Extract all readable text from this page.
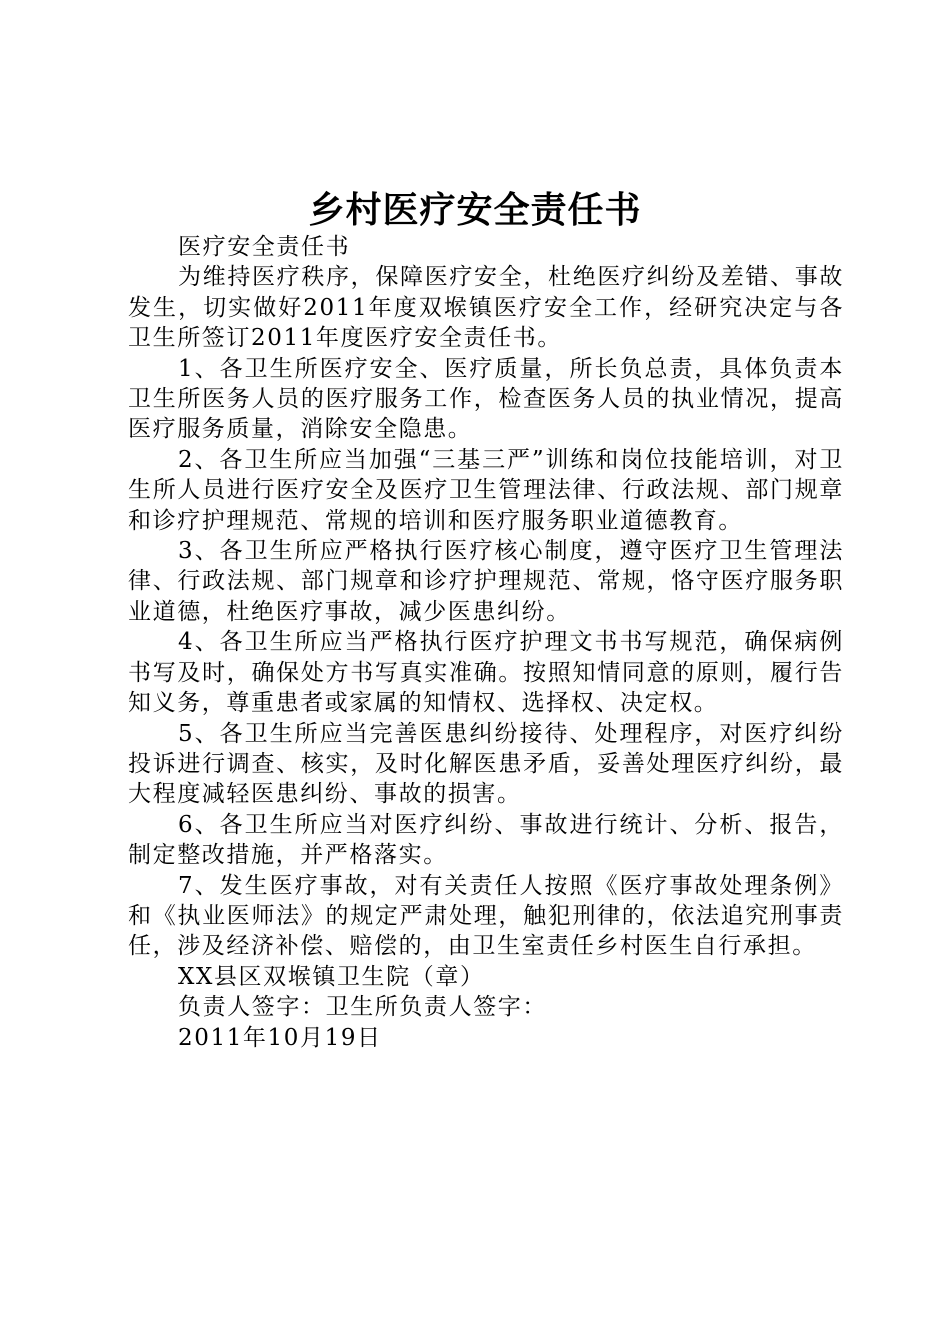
乡村医疗安全责任书

医疗安全责任书

为维持医疗秩序，保障医疗安全，杜绝医疗纠纷及差错、事故发生，切实做好2011年度双堠镇医疗安全工作，经研究决定与各卫生所签订2011年度医疗安全责任书。

1、各卫生所医疗安全、医疗质量，所长负总责，具体负责本卫生所医务人员的医疗服务工作，检查医务人员的执业情况，提高医疗服务质量，消除安全隐患。

2、各卫生所应当加强“三基三严”训练和岗位技能培训，对卫生所人员进行医疗安全及医疗卫生管理法律、行政法规、部门规章和诊疗护理规范、常规的培训和医疗服务职业道德教育。

3、各卫生所应严格执行医疗核心制度，遵守医疗卫生管理法律、行政法规、部门规章和诊疗护理规范、常规，恪守医疗服务职业道德，杜绝医疗事故，减少医患纠纷。

4、各卫生所应当严格执行医疗护理文书书写规范，确保病例书写及时，确保处方书写真实准确。按照知情同意的原则，履行告知义务，尊重患者或家属的知情权、选择权、决定权。

5、各卫生所应当完善医患纠纷接待、处理程序，对医疗纠纷投诉进行调查、核实，及时化解医患矛盾，妥善处理医疗纠纷，最大程度减轻医患纠纷、事故的损害。

6、各卫生所应当对医疗纠纷、事故进行统计、分析、报告，制定整改措施，并严格落实。

7、发生医疗事故，对有关责任人按照《医疗事故处理条例》和《执业医师法》的规定严肃处理，触犯刑律的，依法追究刑事责任，涉及经济补偿、赔偿的，由卫生室责任乡村医生自行承担。

XX县区双堠镇卫生院（章）

负责人签字：卫生所负责人签字：

2011年10月19日
